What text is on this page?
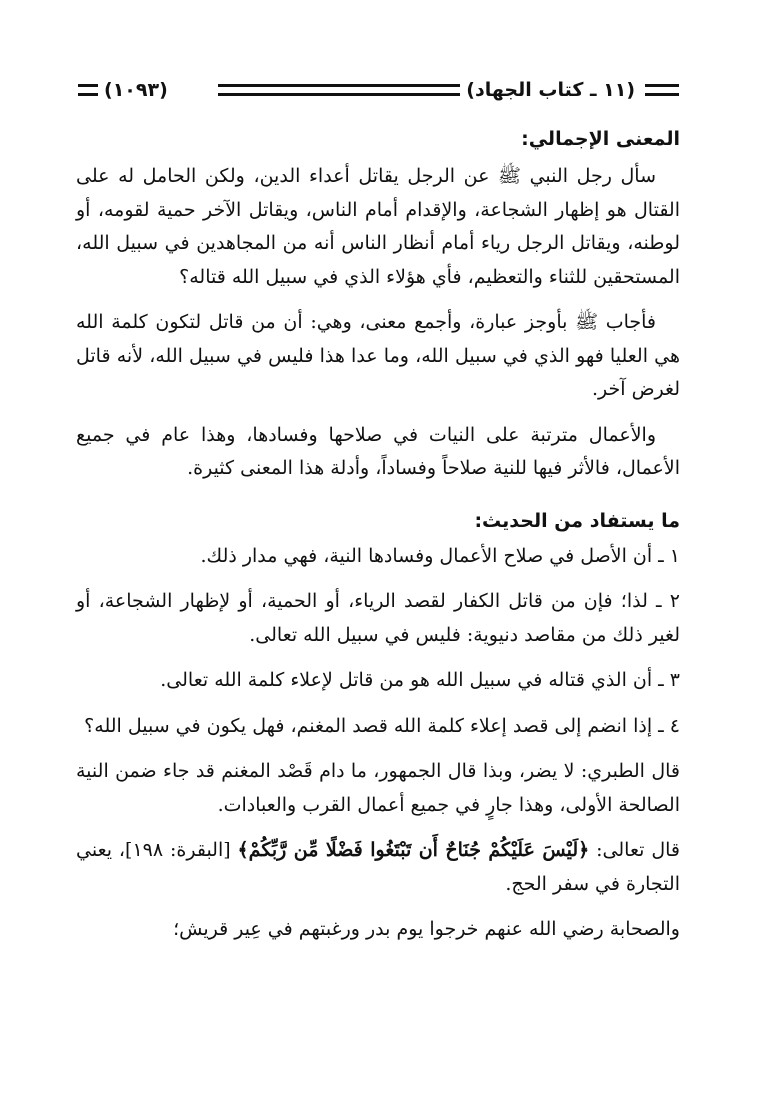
(١١ ـ كتاب الجهاد)
(١٠٩٣)
المعنى الإجمالي:

سأل رجل النبي ﷺ عن الرجل يقاتل أعداء الدين، ولكن الحامل له على القتال هو إظهار الشجاعة، والإقدام أمام الناس، ويقاتل الآخر حمية لقومه، أو لوطنه، ويقاتل الرجل رياء أمام أنظار الناس أنه من المجاهدين في سبيل الله، المستحقين للثناء والتعظيم، فأي هؤلاء الذي في سبيل الله قتاله؟

فأجاب ﷺ بأوجز عبارة، وأجمع معنى، وهي: أن من قاتل لتكون كلمة الله هي العليا فهو الذي في سبيل الله، وما عدا هذا فليس في سبيل الله، لأنه قاتل لغرض آخر.

والأعمال مترتبة على النيات في صلاحها وفسادها، وهذا عام في جميع الأعمال، فالأثر فيها للنية صلاحاً وفساداً، وأدلة هذا المعنى كثيرة.

ما يستفاد من الحديث:

١ ـ أن الأصل في صلاح الأعمال وفسادها النية، فهي مدار ذلك.

٢ ـ لذا؛ فإن من قاتل الكفار لقصد الرياء، أو الحمية، أو لإظهار الشجاعة، أو لغير ذلك من مقاصد دنيوية: فليس في سبيل الله تعالى.

٣ ـ أن الذي قتاله في سبيل الله هو من قاتل لإعلاء كلمة الله تعالى.

٤ ـ إذا انضم إلى قصد إعلاء كلمة الله قصد المغنم، فهل يكون في سبيل الله؟

قال الطبري: لا يضر، وبذا قال الجمهور، ما دام قَصْد المغنم قد جاء ضمن النية الصالحة الأولى، وهذا جارٍ في جميع أعمال القرب والعبادات.

قال تعالى: ﴿لَيْسَ عَلَيْكُمْ جُنَاحٌ أَن تَبْتَغُوا فَضْلًا مِّن رَّبِّكُمْ﴾ [البقرة: ١٩٨]، يعني التجارة في سفر الحج.

والصحابة رضي الله عنهم خرجوا يوم بدر ورغبتهم في عِير قريش؛
